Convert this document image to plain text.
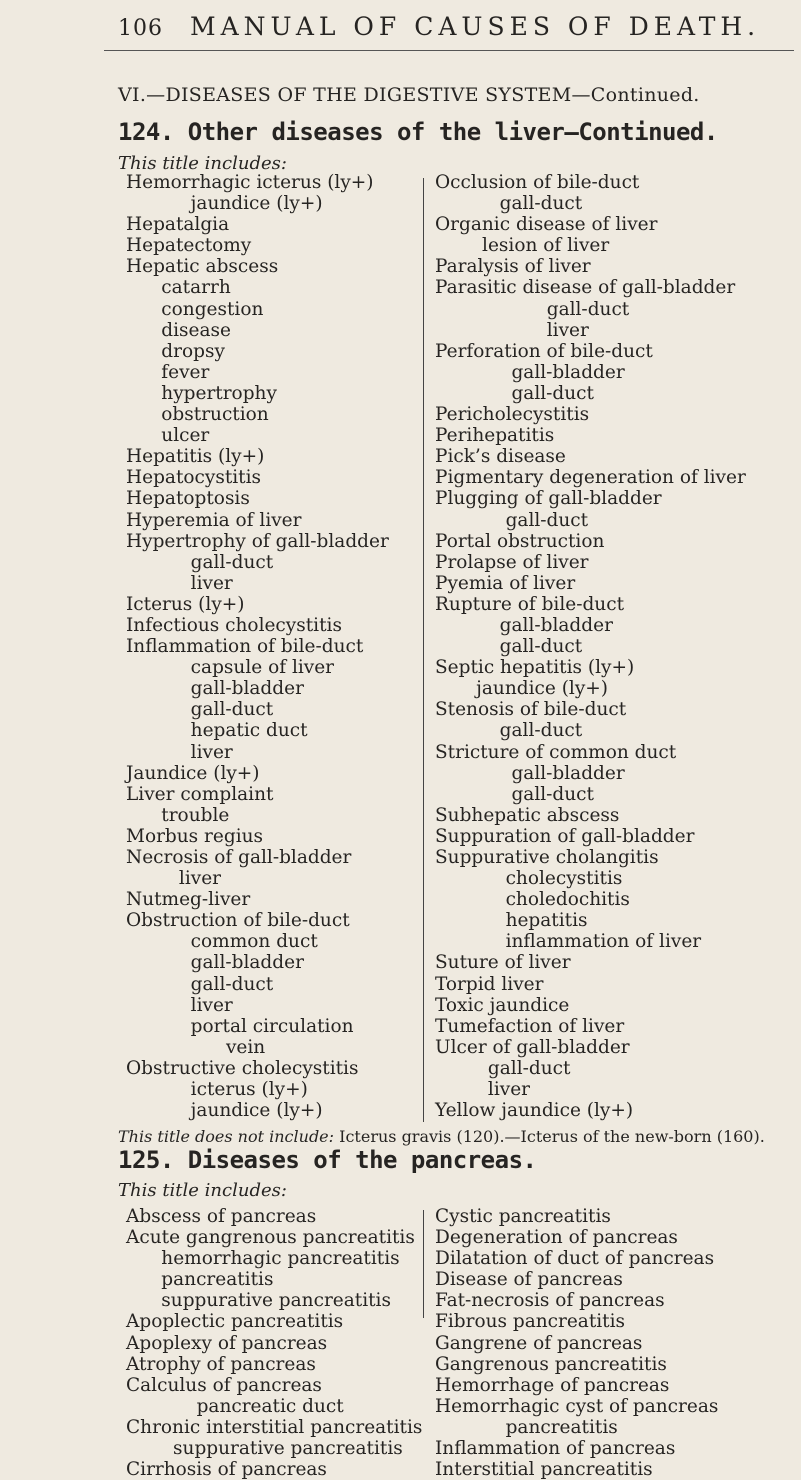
106 MANUAL OF CAUSES OF DEATH.
VI.—DISEASES OF THE DIGESTIVE SYSTEM—Continued.
124. Other diseases of the liver—Continued.
This title includes:
Hemorrhagic icterus (ly+)
jaundice (ly+)
Hepatalgia
Hepatectomy
Hepatic abscess
catarrh
congestion
disease
dropsy
fever
hypertrophy
obstruction
ulcer
Hepatitis (ly+)
Hepatocystitis
Hepatoptosis
Hyperemia of liver
Hypertrophy of gall-bladder
gall-duct
liver
Icterus (ly+)
Infectious cholecystitis
Inflammation of bile-duct
capsule of liver
gall-bladder
gall-duct
hepatic duct
liver
Jaundice (ly+)
Liver complaint
trouble
Morbus regius
Necrosis of gall-bladder
liver
Nutmeg-liver
Obstruction of bile-duct
common duct
gall-bladder
gall-duct
liver
portal circulation
vein
Obstructive cholecystitis
icterus (ly+)
jaundice (ly+)
Occlusion of bile-duct
gall-duct
Organic disease of liver
lesion of liver
Paralysis of liver
Parasitic disease of gall-bladder
gall-duct
liver
Perforation of bile-duct
gall-bladder
gall-duct
Pericholecystitis
Perihepatitis
Pick’s disease
Pigmentary degeneration of liver
Plugging of gall-bladder
gall-duct
Portal obstruction
Prolapse of liver
Pyemia of liver
Rupture of bile-duct
gall-bladder
gall-duct
Septic hepatitis (ly+)
jaundice (ly+)
Stenosis of bile-duct
gall-duct
Stricture of common duct
gall-bladder
gall-duct
Subhepatic abscess
Suppuration of gall-bladder
Suppurative cholangitis
cholecystitis
choledochitis
hepatitis
inflammation of liver
Suture of liver
Torpid liver
Toxic jaundice
Tumefaction of liver
Ulcer of gall-bladder
gall-duct
liver
Yellow jaundice (ly+)
This title does not include: Icterus gravis (120).—Icterus of the new-born (160).
125. Diseases of the pancreas.
This title includes:
Abscess of pancreas
Acute gangrenous pancreatitis
hemorrhagic pancreatitis
pancreatitis
suppurative pancreatitis
Apoplectic pancreatitis
Apoplexy of pancreas
Atrophy of pancreas
Calculus of pancreas
pancreatic duct
Chronic interstitial pancreatitis
suppurative pancreatitis
Cirrhosis of pancreas
Cystic pancreatitis
Degeneration of pancreas
Dilatation of duct of pancreas
Disease of pancreas
Fat-necrosis of pancreas
Fibrous pancreatitis
Gangrene of pancreas
Gangrenous pancreatitis
Hemorrhage of pancreas
Hemorrhagic cyst of pancreas
pancreatitis
Inflammation of pancreas
Interstitial pancreatitis
